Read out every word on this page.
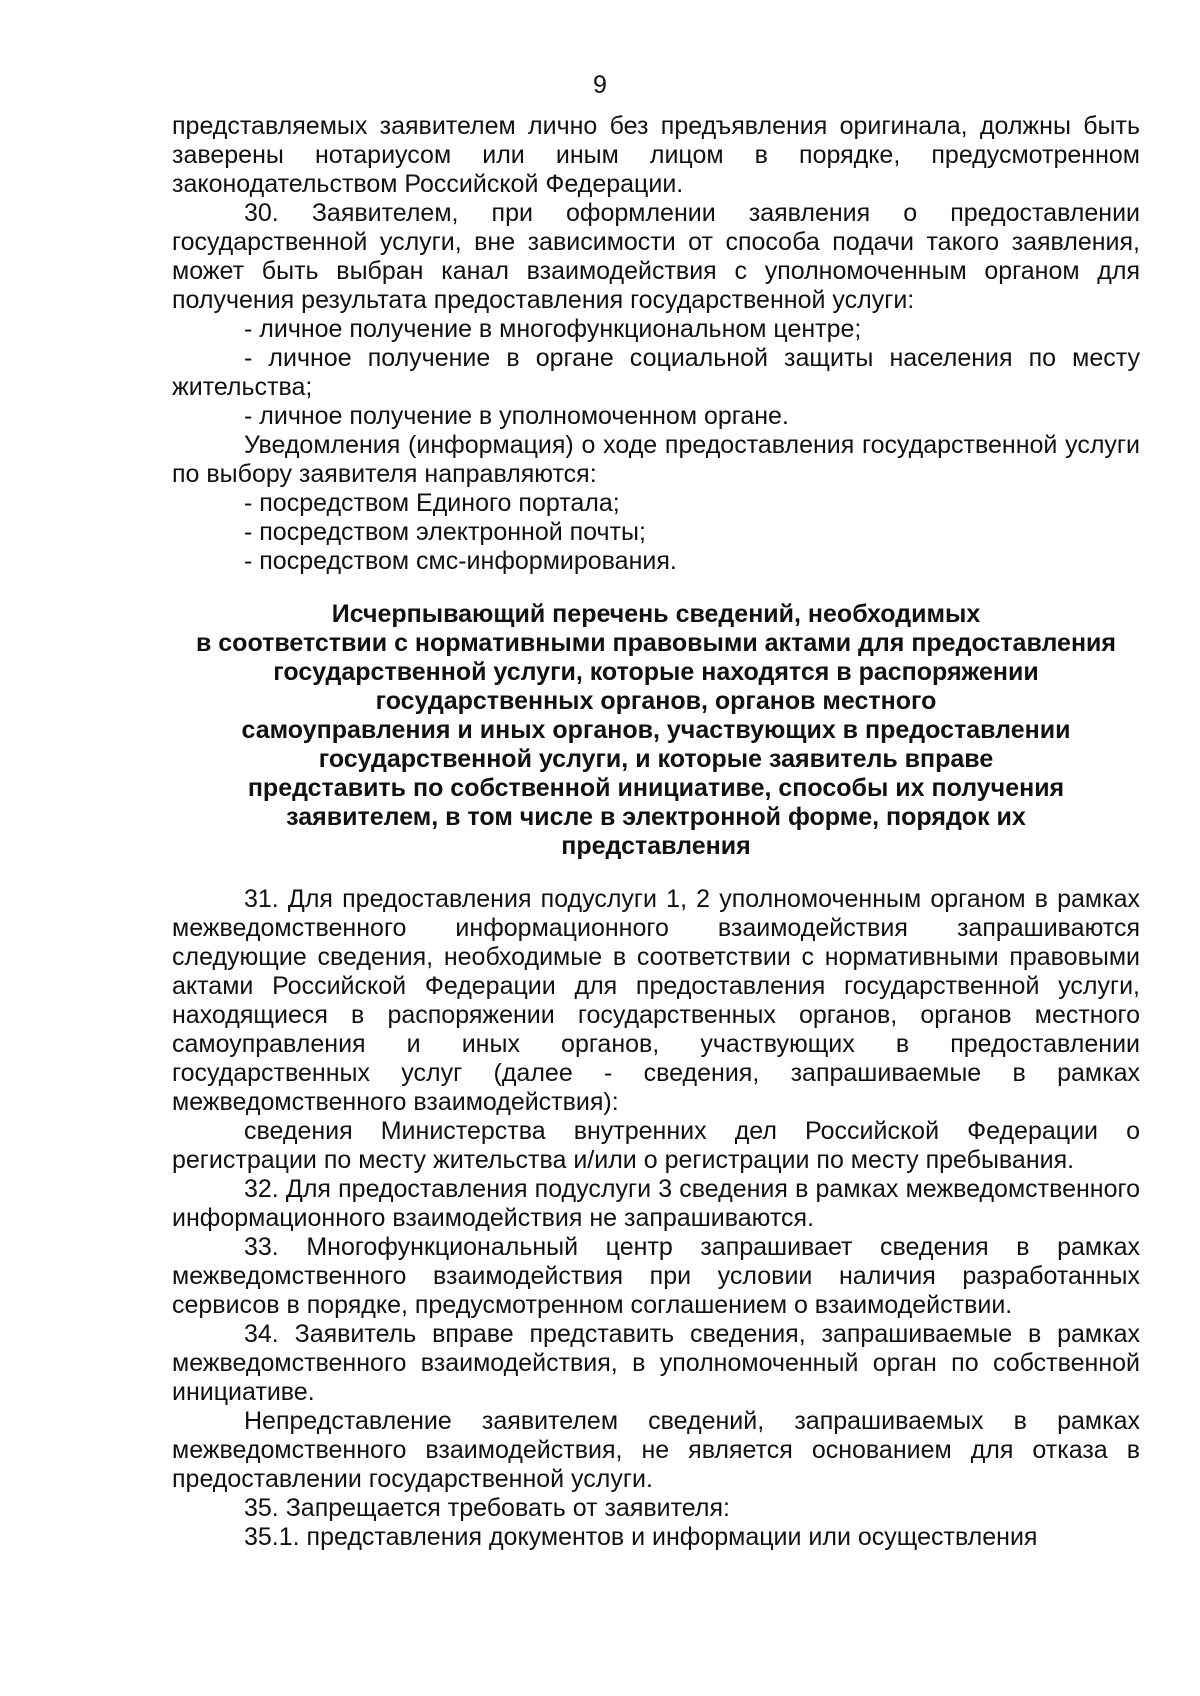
9

представляемых заявителем лично без предъявления оригинала, должны быть заверены нотариусом или иным лицом в порядке, предусмотренном законодательством Российской Федерации.

30. Заявителем, при оформлении заявления о предоставлении государственной услуги, вне зависимости от способа подачи такого заявления, может быть выбран канал взаимодействия с уполномоченным органом для получения результата предоставления государственной услуги:

- личное получение в многофункциональном центре;

- личное получение в органе социальной защиты населения по месту жительства;

- личное получение в уполномоченном органе.

Уведомления (информация) о ходе предоставления государственной услуги по выбору заявителя направляются:

- посредством Единого портала;

- посредством электронной почты;

- посредством смс-информирования.

Исчерпывающий перечень сведений, необходимых
в соответствии с нормативными правовыми актами для предоставления
государственной услуги, которые находятся в распоряжении
государственных органов, органов местного
самоуправления и иных органов, участвующих в предоставлении
государственной услуги, и которые заявитель вправе
представить по собственной инициативе, способы их получения
заявителем, в том числе в электронной форме, порядок их
представления

31. Для предоставления подуслуги 1, 2 уполномоченным органом в рамках межведомственного информационного взаимодействия запрашиваются следующие сведения, необходимые в соответствии с нормативными правовыми актами Российской Федерации для предоставления государственной услуги, находящиеся в распоряжении государственных органов, органов местного самоуправления и иных органов, участвующих в предоставлении государственных услуг (далее - сведения, запрашиваемые в рамках межведомственного взаимодействия):

сведения Министерства внутренних дел Российской Федерации о регистрации по месту жительства и/или о регистрации по месту пребывания.

32. Для предоставления подуслуги 3 сведения в рамках межведомственного информационного взаимодействия не запрашиваются.

33. Многофункциональный центр запрашивает сведения в рамках межведомственного взаимодействия при условии наличия разработанных сервисов в порядке, предусмотренном соглашением о взаимодействии.

34. Заявитель вправе представить сведения, запрашиваемые в рамках межведомственного взаимодействия, в уполномоченный орган по собственной инициативе.

Непредставление заявителем сведений, запрашиваемых в рамках межведомственного взаимодействия, не является основанием для отказа в предоставлении государственной услуги.

35. Запрещается требовать от заявителя:

35.1. представления документов и информации или осуществления
